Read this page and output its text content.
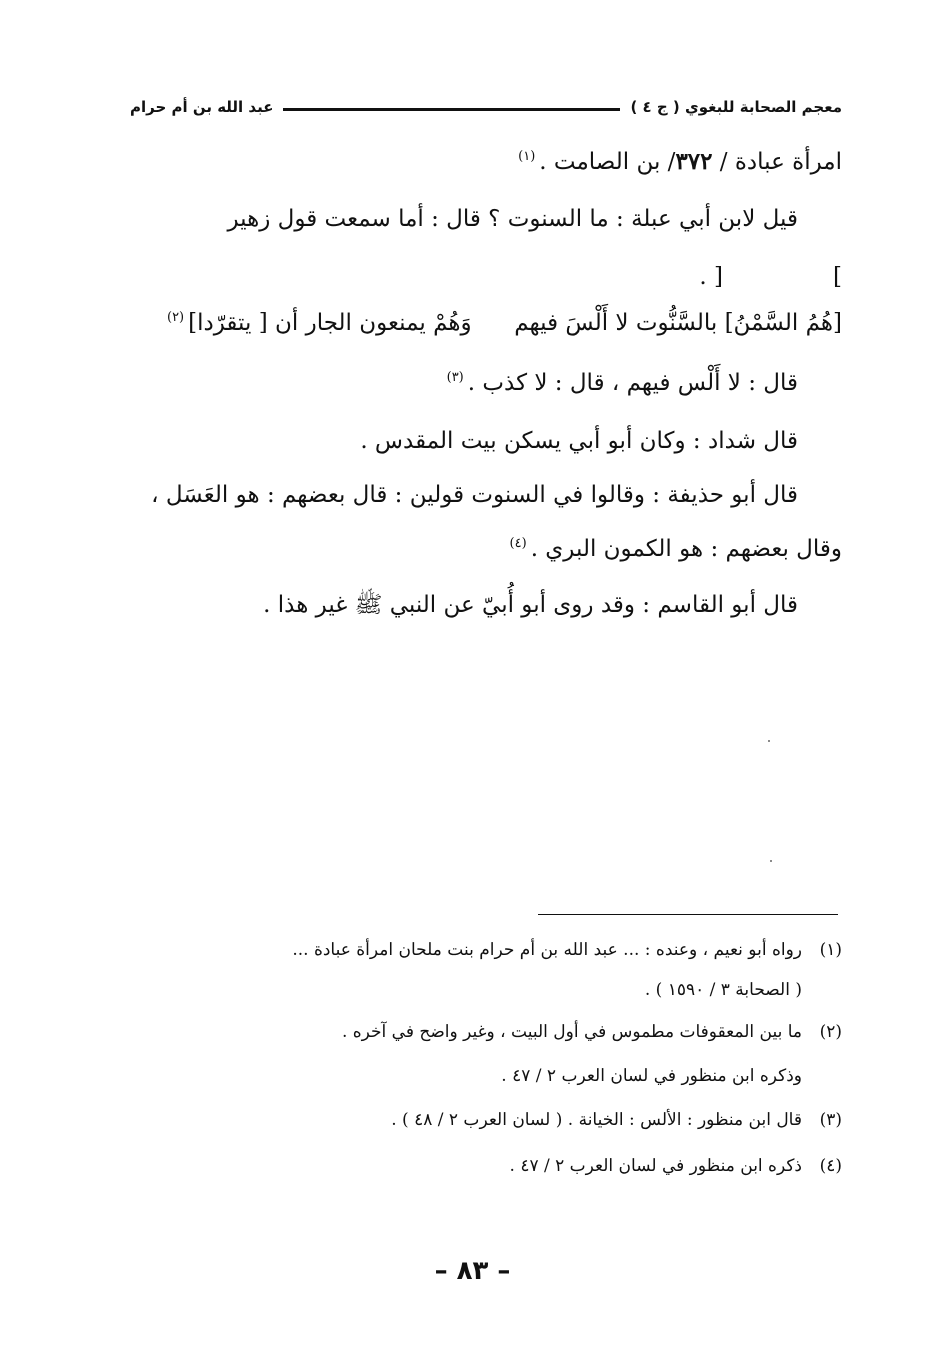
معجم الصحابة للبغوي ( ج ٤ )
عبد الله بن أم حرام
امرأة عبادة / ٣٧٢/ بن الصامت .$^{(١)}$
قيل لابن أبي عبلة : ما السنوت ؟ قال : أما سمعت قول زهير
][ .
[هُمُ السَّمْنُ] بالسَّنُّوت لا أَلْسَ فيهم  وَهُمْ يمنعون الجار أن [ يتقرّدا]$^{(٢)}$
قال : لا أَلْس فيهم ، قال : لا كذب .$^{(٣)}$
قال شداد : وكان أبو أبي يسكن بيت المقدس .
قال أبو حذيفة : وقالوا في السنوت قولين : قال بعضهم : هو العَسَل ،
وقال بعضهم : هو الكمون البري .$^{(٤)}$
قال أبو القاسم : وقد روى أبو أُبيّ عن النبي ﷺ غير هذا .
(١)رواه أبو نعيم ، وعنده : ... عبد الله بن أم حرام بنت ملحان امرأة عبادة ...
( الصحابة ٣ / ١٥٩٠ ) .
(٢)ما بين المعقوفات مطموس في أول البيت ، وغير واضح في آخره .
وذكره ابن منظور في لسان العرب ٢ / ٤٧ .
(٣)قال ابن منظور : الألس : الخيانة . ( لسان العرب ٢ / ٤٨ ) .
(٤)ذكره ابن منظور في لسان العرب ٢ / ٤٧ .
– ٨٣ –
